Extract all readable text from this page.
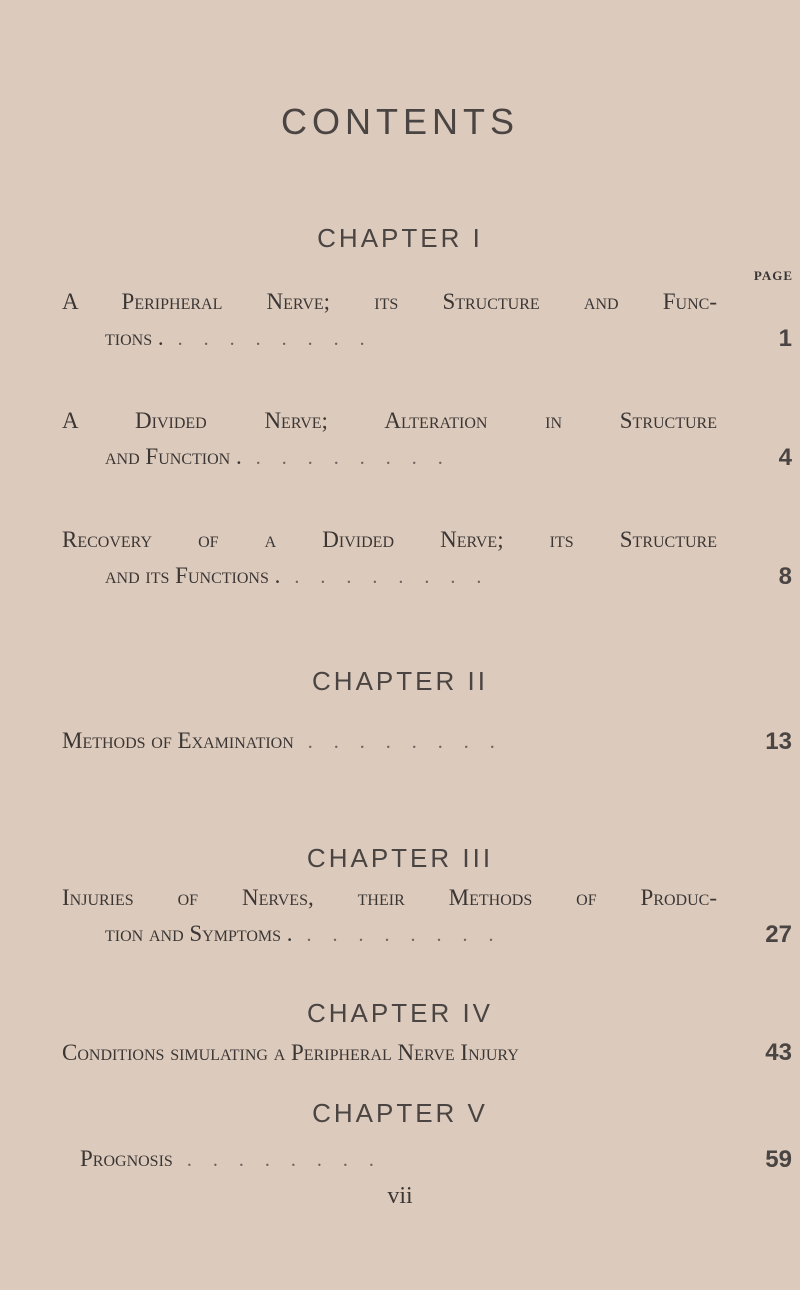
CONTENTS
CHAPTER I
PAGE
A Peripheral Nerve; its Structure and Func-
tions . . . . . . . . .	1
A Divided Nerve; Alteration in Structure
and Function . . . . . . . . .	4
Recovery of a Divided Nerve; its Structure
and its Functions . . . . . . . . .	8
CHAPTER II
Methods of Examination . . . . . . . .	13
CHAPTER III
Injuries of Nerves, their Methods of Produc-
tion and Symptoms . . . . . . . . .	27
CHAPTER IV
Conditions simulating a Peripheral Nerve Injury	43
CHAPTER V
Prognosis . . . . . . . .	59
vii
